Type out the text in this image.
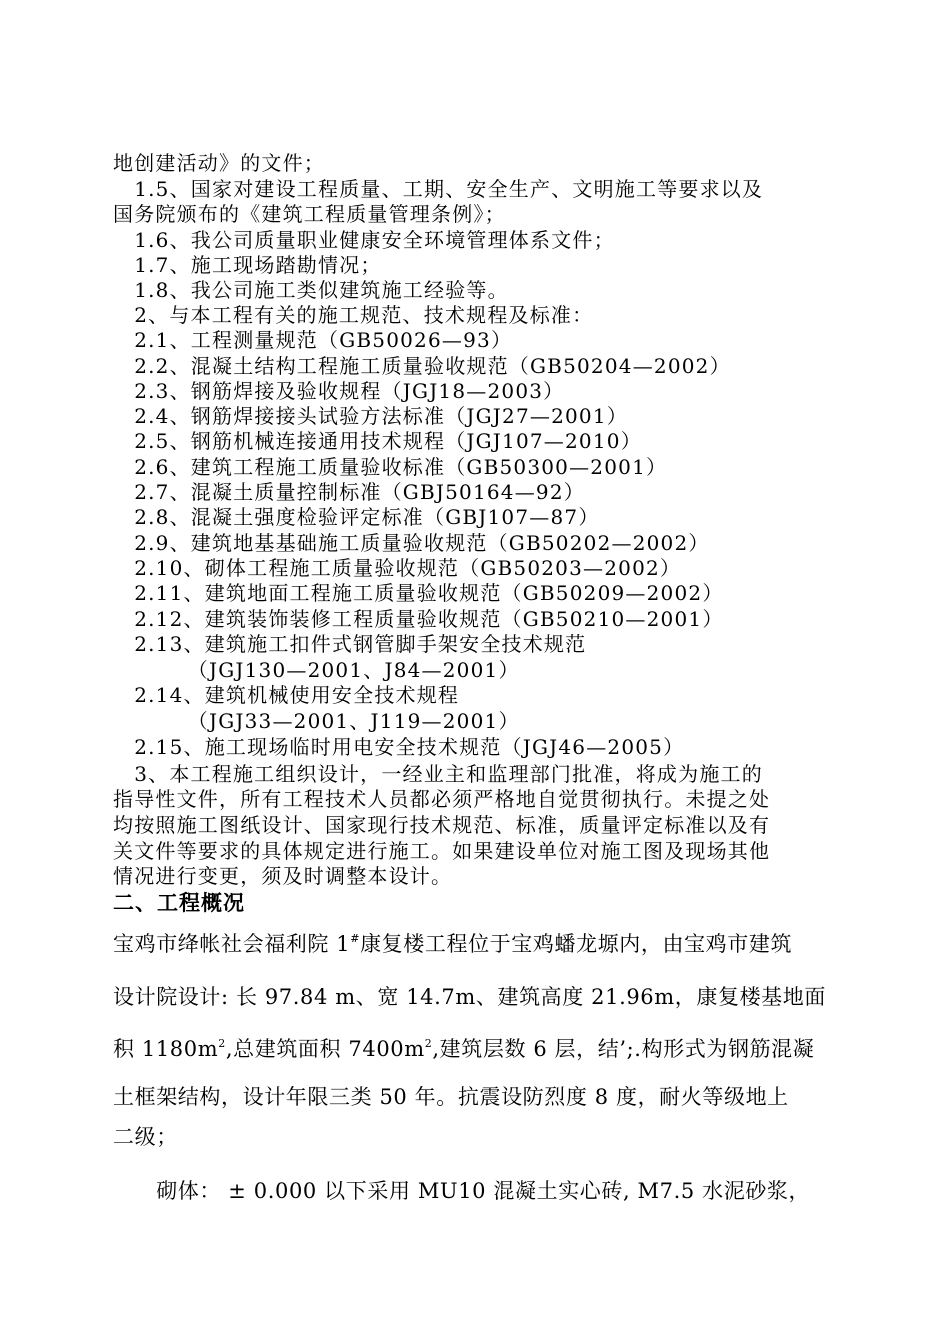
地创建活动》的文件；
　1.5、国家对建设工程质量、工期、安全生产、文明施工等要求以及
国务院颁布的《建筑工程质量管理条例》；
　1.6、我公司质量职业健康安全环境管理体系文件；
　1.7、施工现场踏勘情况；
　1.8、我公司施工类似建筑施工经验等。
　2、与本工程有关的施工规范、技术规程及标准：
　2.1、工程测量规范（GB50026—93）
　2.2、混凝土结构工程施工质量验收规范（GB50204—2002）
　2.3、钢筋焊接及验收规程（JGJ18—2003）
　2.4、钢筋焊接接头试验方法标准（JGJ27—2001）
　2.5、钢筋机械连接通用技术规程（JGJ107—2010）
　2.6、建筑工程施工质量验收标准（GB50300—2001）
　2.7、混凝土质量控制标准（GBJ50164—92）
　2.8、混凝土强度检验评定标准（GBJ107—87）
　2.9、建筑地基基础施工质量验收规范（GB50202—2002）
　2.10、砌体工程施工质量验收规范（GB50203—2002）
　2.11、建筑地面工程施工质量验收规范（GB50209—2002）
　2.12、建筑装饰装修工程质量验收规范（GB50210—2001）
　2.13、建筑施工扣件式钢管脚手架安全技术规范
　　　　（JGJ130—2001、J84—2001）
　2.14、建筑机械使用安全技术规程
　　　　（JGJ33—2001、J119—2001）
　2.15、施工现场临时用电安全技术规范（JGJ46—2005）
　3、本工程施工组织设计，一经业主和监理部门批准，将成为施工的
指导性文件，所有工程技术人员都必须严格地自觉贯彻执行。未提之处
均按照施工图纸设计、国家现行技术规范、标准，质量评定标准以及有
关文件等要求的具体规定进行施工。如果建设单位对施工图及现场其他
情况进行变更，须及时调整本设计。
二、工程概况
宝鸡市绛帐社会福利院 1#康复楼工程位于宝鸡蟠龙塬内，由宝鸡市建筑
设计院设计: 长 97.84 m、宽 14.7m、建筑高度 21.96m，康复楼基地面
积 $1180m^2$,总建筑面积 $7400m^2$,建筑层数 6 层，结’;.构形式为钢筋混凝
土框架结构，设计年限三类 50 年。抗震设防烈度 8 度，耐火等级地上
二级；
　　砌体： ± 0.000 以下采用 MU10 混凝土实心砖, M7.5 水泥砂浆，
